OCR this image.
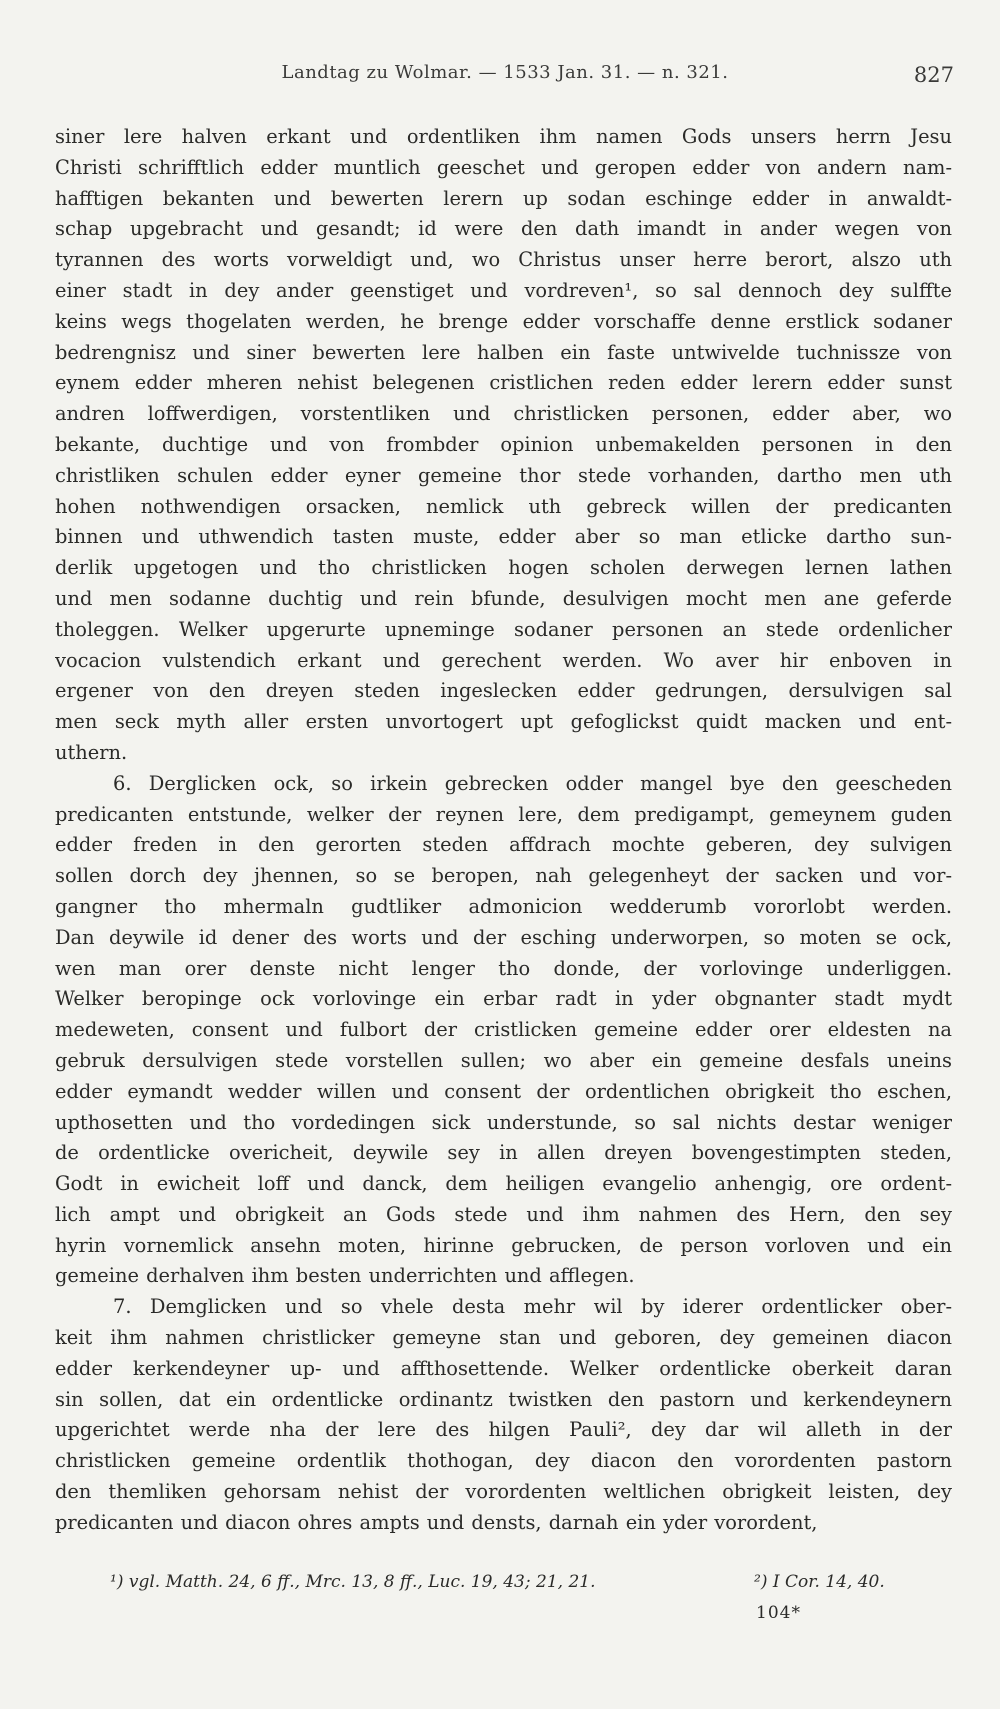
Landtag zu Wolmar. — 1533 Jan. 31. — n. 321.	827
siner lere halven erkant und ordentliken ihm namen Gods unsers herrn Jesu
Christi schrifftlich edder muntlich geeschet und geropen edder von andern nam-
hafftigen bekanten und bewerten lerern up sodan eschinge edder in anwaldt-
schap upgebracht und gesandt; id were den dath imandt in ander wegen von
tyrannen des worts vorweldigt und, wo Christus unser herre berort, alszo uth
einer stadt in dey ander geenstiget und vordreven¹, so sal dennoch dey sulffte
keins wegs thogelaten werden, he brenge edder vorschaffe denne erstlick sodaner
bedrengnisz und siner bewerten lere halben ein faste untwivelde tuchnissze von
eynem edder mheren nehist belegenen cristlichen reden edder lerern edder sunst
andren loffwerdigen, vorstentliken und christlicken personen, edder aber, wo
bekante, duchtige und von frombder opinion unbemakelden personen in den
christliken schulen edder eyner gemeine thor stede vorhanden, dartho men uth
hohen nothwendigen orsacken, nemlick uth gebreck willen der predicanten
binnen und uthwendich tasten muste, edder aber so man etlicke dartho sun-
derlik upgetogen und tho christlicken hogen scholen derwegen lernen lathen
und men sodanne duchtig und rein bfunde, desulvigen mocht men ane geferde
tholeggen. Welker upgerurte upneminge sodaner personen an stede ordenlicher
vocacion vulstendich erkant und gerechent werden. Wo aver hir enboven in
ergener von den dreyen steden ingeslecken edder gedrungen, dersulvigen sal
men seck myth aller ersten unvortogert upt gefoglickst quidt macken und ent-
uthern.
6. Derglicken ock, so irkein gebrecken odder mangel bye den geescheden
predicanten entstunde, welker der reynen lere, dem predigampt, gemeynem guden
edder freden in den gerorten steden affdrach mochte geberen, dey sulvigen
sollen dorch dey jhennen, so se beropen, nah gelegenheyt der sacken und vor-
gangner tho mhermaln gudtliker admonicion wedderumb vororlobt werden.
Dan deywile id dener des worts und der esching underworpen, so moten se ock,
wen man orer denste nicht lenger tho donde, der vorlovinge underliggen.
Welker beropinge ock vorlovinge ein erbar radt in yder obgnanter stadt mydt
medeweten, consent und fulbort der cristlicken gemeine edder orer eldesten na
gebruk dersulvigen stede vorstellen sullen; wo aber ein gemeine desfals uneins
edder eymandt wedder willen und consent der ordentlichen obrigkeit tho eschen,
upthosetten und tho vordedingen sick understunde, so sal nichts destar weniger
de ordentlicke overicheit, deywile sey in allen dreyen bovengestimpten steden,
Godt in ewicheit loff und danck, dem heiligen evangelio anhengig, ore ordent-
lich ampt und obrigkeit an Gods stede und ihm nahmen des Hern, den sey
hyrin vornemlick ansehn moten, hirinne gebrucken, de person vorloven und ein
gemeine derhalven ihm besten underrichten und afflegen.
7. Demglicken und so vhele desta mehr wil by iderer ordentlicker ober-
keit ihm nahmen christlicker gemeyne stan und geboren, dey gemeinen diacon
edder kerkendeyner up- und affthosettende. Welker ordentlicke oberkeit daran
sin sollen, dat ein ordentlicke ordinantz twistken den pastorn und kerkendeynern
upgerichtet werde nha der lere des hilgen Pauli², dey dar wil alleth in der
christlicken gemeine ordentlik thothogan, dey diacon den vorordenten pastorn
den themliken gehorsam nehist der vorordenten weltlichen obrigkeit leisten, dey
predicanten und diacon ohres ampts und densts, darnah ein yder vorordent,
¹) vgl. Matth. 24, 6 ff., Mrc. 13, 8 ff., Luc. 19, 43; 21, 21.	²) I Cor. 14, 40.
104*
